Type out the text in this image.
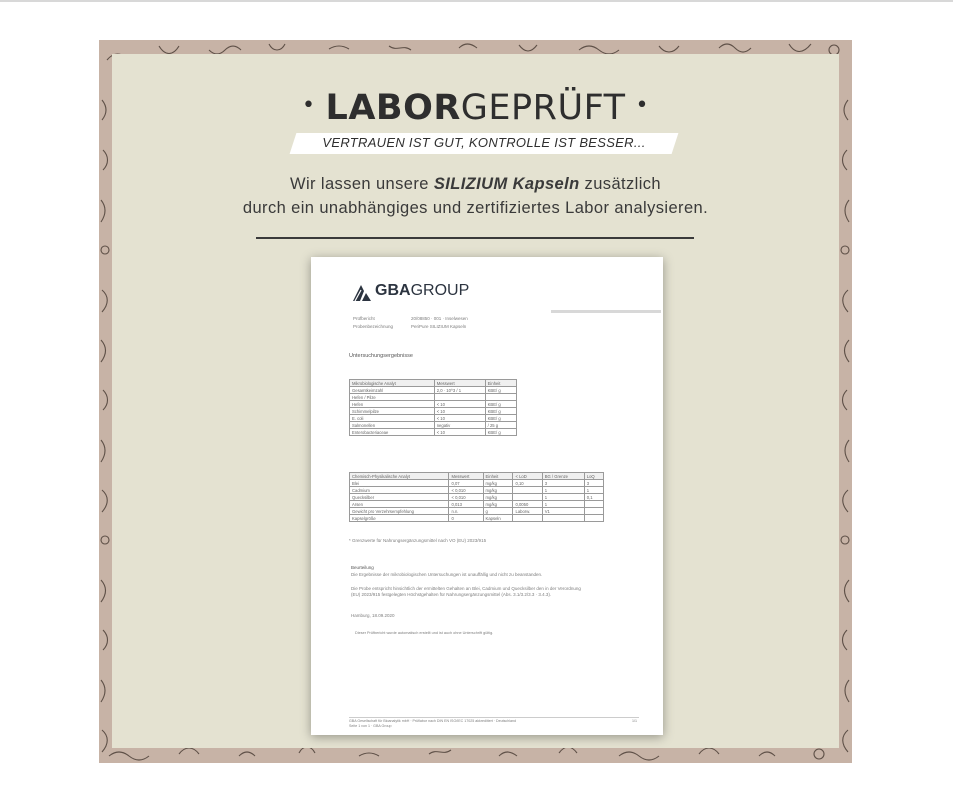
• LABORGEPRÜFT •
VERTRAUEN IST GUT, KONTROLLE IST BESSER...
Wir lassen unsere SILIZIUM Kapseln zusätzlich
durch ein unabhängiges und zertifiziertes Labor analysieren.
GBAGROUP
Prüfbericht	20/08850 · 001 · Inselwesen
Probenbezeichnung	PeriPure SILIZIUM Kapseln
Untersuchungsergebnisse
Mikrobiologische Analyt	Messwert	Einheit
Gesamtkeimzahl	2,0 · 10^3 / 1	KBE/ g
Hefen / Pilze		
Hefen	< 10	KBE/ g
Schimmelpilze	< 10	KBE/ g
E. coli	< 10	KBE/ g
Salmonellen	negativ	/ 25 g
Enterobacteriaceae	< 10	KBE/ g
Chemisch-Physikalische Analyt	Messwert	Einheit	< LoD	BG / Grenze	LoQ
Blei	0,07	mg/kg	0,10	3	3
Cadmium	< 0,010	mg/kg		1	1
Quecksilber	< 0,010	mg/kg		1	0,1
Arsen	0,013	mg/kg	0,0050	1	
Gewicht pro Verzehrsempfehlung	n.n.	g	Laborw.	V1	
Kapselgröße	0	Kapseln			
* Grenzwerte für Nahrungsergänzungsmittel nach VO (EU) 2023/915
Beurteilung
Die Ergebnisse der mikrobiologischen Untersuchungen ist unauffällig und nicht zu beanstanden.
Die Probe entspricht hinsichtlich der ermittelten Gehalten an Blei, Cadmium und Quecksilber den in der Verordnung
(EU) 2023/915 festgelegten Höchstgehalten für Nahrungsergänzungsmittel (Abs. 3.1/3.2/3.3 · 3.4.3).
Hamburg, 18.09.2020
Dieser Prüfbericht wurde automatisch erstellt und ist auch ohne Unterschrift gültig.
GBA Gesellschaft für Bioanalytik mbH · Prüflabor nach DIN EN ISO/IEC 17025 akkreditiert · Deutschland
Seite 1 von 1 · GBA Group
1/1
